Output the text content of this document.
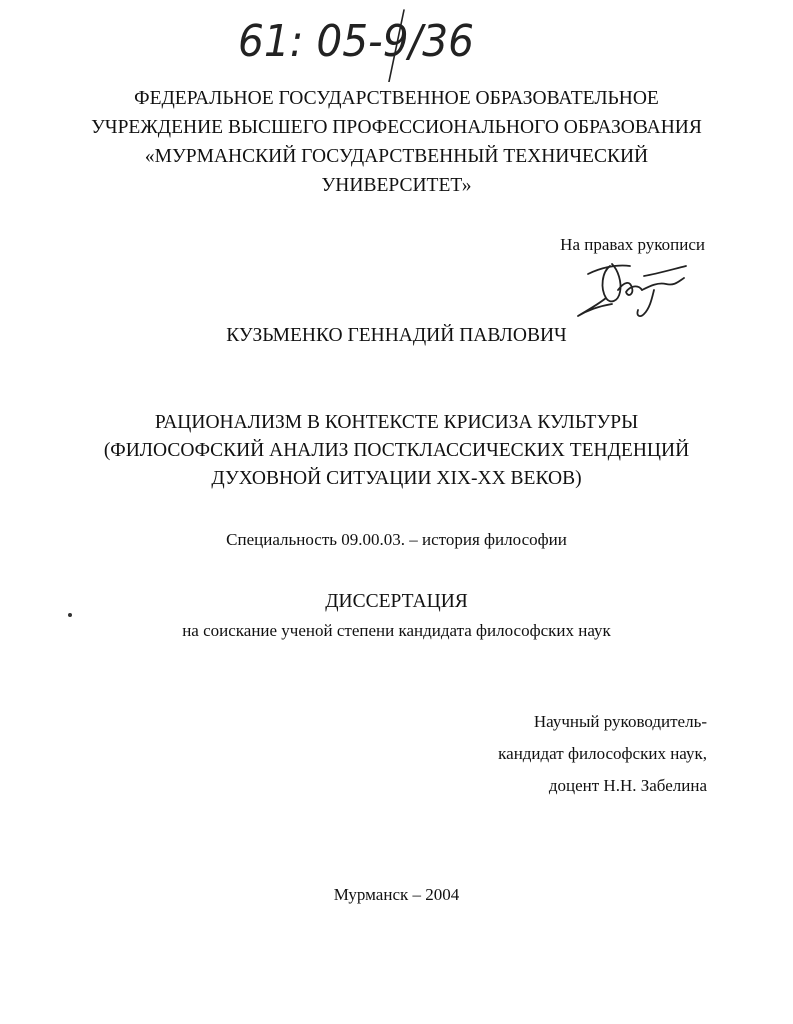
61: 05-9/36
ФЕДЕРАЛЬНОЕ ГОСУДАРСТВЕННОЕ ОБРАЗОВАТЕЛЬНОЕ
УЧРЕЖДЕНИЕ ВЫСШЕГО ПРОФЕССИОНАЛЬНОГО ОБРАЗОВАНИЯ
«МУРМАНСКИЙ ГОСУДАРСТВЕННЫЙ ТЕХНИЧЕСКИЙ
УНИВЕРСИТЕТ»
На правах рукописи
КУЗЬМЕНКО ГЕННАДИЙ ПАВЛОВИЧ
РАЦИОНАЛИЗМ В КОНТЕКСТЕ КРИСИЗА КУЛЬТУРЫ
(ФИЛОСОФСКИЙ АНАЛИЗ ПОСТКЛАССИЧЕСКИХ ТЕНДЕНЦИЙ
ДУХОВНОЙ СИТУАЦИИ XIX-XX ВЕКОВ)
Специальность 09.00.03. – история философии
ДИССЕРТАЦИЯ
на соискание ученой степени кандидата философских наук
Научный руководитель-
кандидат философских наук,
доцент Н.Н. Забелина
Мурманск – 2004
